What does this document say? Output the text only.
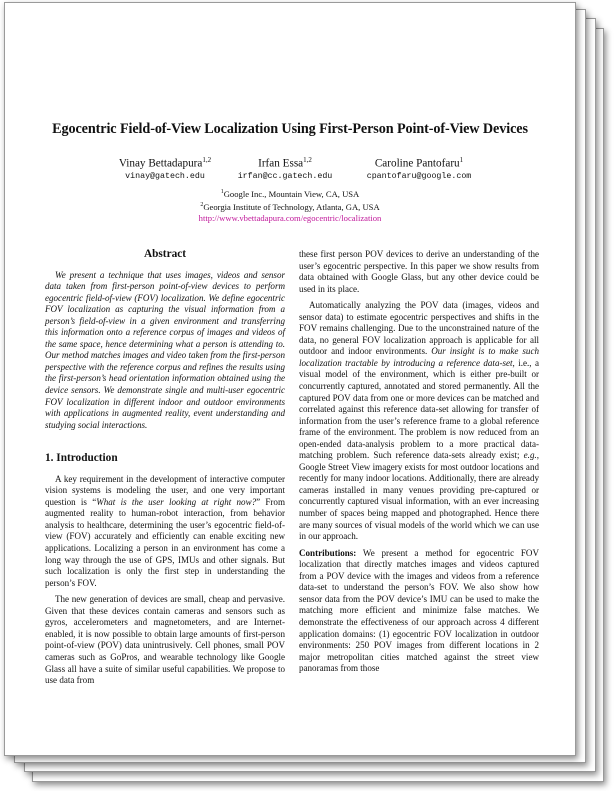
Egocentric Field-of-View Localization Using First-Person Point-of-View Devices
Vinay Bettadapura$^{1,2}$
vinay@gatech.edu
Irfan Essa$^{1,2}$
irfan@cc.gatech.edu
Caroline Pantofaru$^1$
cpantofaru@google.com
$^1$Google Inc., Mountain View, CA, USA
$^2$Georgia Institute of Technology, Atlanta, GA, USA
http://www.vbettadapura.com/egocentric/localization
Abstract

We present a technique that uses images, videos and sensor data taken from first-person point-of-view devices to perform egocentric field-of-view (FOV) localization. We define egocentric FOV localization as capturing the visual information from a person’s field-of-view in a given environment and transferring this information onto a reference corpus of images and videos of the same space, hence determining what a person is attending to. Our method matches images and video taken from the first-person perspective with the reference corpus and refines the results using the first-person’s head orientation information obtained using the device sensors. We demonstrate single and multi-user egocentric FOV localization in different indoor and outdoor environments with applications in augmented reality, event understanding and studying social interactions.

1. Introduction

A key requirement in the development of interactive computer vision systems is modeling the user, and one very important question is “What is the user looking at right now?” From augmented reality to human-robot interaction, from behavior analysis to healthcare, determining the user’s egocentric field-of-view (FOV) accurately and efficiently can enable exciting new applications. Localizing a person in an environment has come a long way through the use of GPS, IMUs and other signals. But such localization is only the first step in understanding the person’s FOV.

The new generation of devices are small, cheap and pervasive. Given that these devices contain cameras and sensors such as gyros, accelerometers and magnetometers, and are Internet-enabled, it is now possible to obtain large amounts of first-person point-of-view (POV) data unintrusively. Cell phones, small POV cameras such as GoPros, and wearable technology like Google Glass all have a suite of similar useful capabilities. We propose to use data from

these first person POV devices to derive an understanding of the user’s egocentric perspective. In this paper we show results from data obtained with Google Glass, but any other device could be used in its place.

Automatically analyzing the POV data (images, videos and sensor data) to estimate egocentric perspectives and shifts in the FOV remains challenging. Due to the unconstrained nature of the data, no general FOV localization approach is applicable for all outdoor and indoor environments. Our insight is to make such localization tractable by introducing a reference data-set, i.e., a visual model of the environment, which is either pre-built or concurrently captured, annotated and stored permanently. All the captured POV data from one or more devices can be matched and correlated against this reference data-set allowing for transfer of information from the user’s reference frame to a global reference frame of the environment. The problem is now reduced from an open-ended data-analysis problem to a more practical data-matching problem. Such reference data-sets already exist; e.g., Google Street View imagery exists for most outdoor locations and recently for many indoor locations. Additionally, there are already cameras installed in many venues providing pre-captured or concurrently captured visual information, with an ever increasing number of spaces being mapped and photographed. Hence there are many sources of visual models of the world which we can use in our approach.

Contributions: We present a method for egocentric FOV localization that directly matches images and videos captured from a POV device with the images and videos from a reference data-set to understand the person’s FOV. We also show how sensor data from the POV device’s IMU can be used to make the matching more efficient and minimize false matches. We demonstrate the effectiveness of our approach across 4 different application domains: (1) egocentric FOV localization in outdoor environments: 250 POV images from different locations in 2 major metropolitan cities matched against the street view panoramas from those
